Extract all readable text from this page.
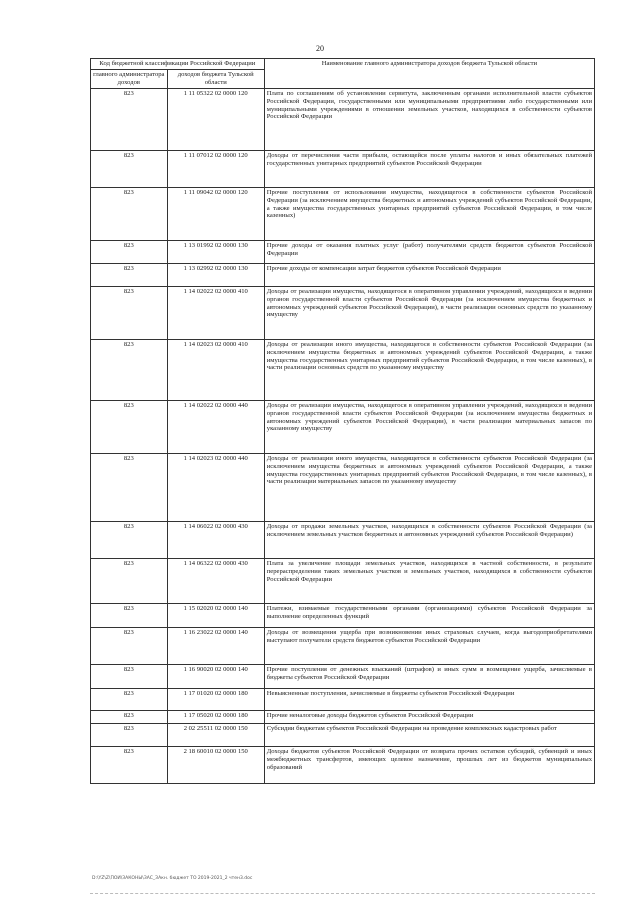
20
Код бюджетной классификации Российской Федерации		Наименование главного администратора доходов бюджета Тульской области
главного администратора доходов	доходов бюджета Тульской области	
823	1 11 05322 02 0000 120	Плата по соглашениям об установлении сервитута, заключенным органами исполнительной власти субъектов Российской Федерации, государственными или муниципальными предприятиями либо государственными или муниципальными учреждениями в отношении земельных участков, находящихся в собственности субъектов Российской Федерации
823	1 11 07012 02 0000 120	Доходы от перечисления части прибыли, остающейся после уплаты налогов и иных обязательных платежей государственных унитарных предприятий субъектов Российской Федерации
823	1 11 09042 02 0000 120	Прочие поступления от использования имущества, находящегося в собственности субъектов Российской Федерации (за исключением имущества бюджетных и автономных учреждений субъектов Российской Федерации, а также имущества государственных унитарных предприятий субъектов Российской Федерации, в том числе казенных)
823	1 13 01992 02 0000 130	Прочие доходы от оказания платных услуг (работ) получателями средств бюджетов субъектов Российской Федерации
823	1 13 02992 02 0000 130	Прочие доходы от компенсации затрат бюджетов субъектов Российской Федерации
823	1 14 02022 02 0000 410	Доходы от реализации имущества, находящегося в оперативном управлении учреждений, находящихся в ведении органов государственной власти субъектов Российской Федерации (за исключением имущества бюджетных и автономных учреждений субъектов Российской Федерации), в части реализации основных средств по указанному имуществу
823	1 14 02023 02 0000 410	Доходы от реализации иного имущества, находящегося в собственности субъектов Российской Федерации (за исключением имущества бюджетных и автономных учреждений субъектов Российской Федерации, а также имущества государственных унитарных предприятий субъектов Российской Федерации, в том числе казенных), в части реализации основных средств по указанному имуществу
823	1 14 02022 02 0000 440	Доходы от реализации имущества, находящегося в оперативном управлении учреждений, находящихся в ведении органов государственной власти субъектов Российской Федерации (за исключением имущества бюджетных и автономных учреждений субъектов Российской Федерации), в части реализации материальных запасов по указанному имуществу
823	1 14 02023 02 0000 440	Доходы от реализации иного имущества, находящегося в собственности субъектов Российской Федерации (за исключением имущества бюджетных и автономных учреждений субъектов Российской Федерации, а также имущества государственных унитарных предприятий субъектов Российской Федерации, в том числе казенных), в части реализации материальных запасов по указанному имуществу
823	1 14 06022 02 0000 430	Доходы от продажи земельных участков, находящихся в собственности субъектов Российской Федерации (за исключением земельных участков бюджетных и автономных учреждений субъектов Российской Федерации)
823	1 14 06322 02 0000 430	Плата за увеличение площади земельных участков, находящихся в частной собственности, в результате перераспределения таких земельных участков и земельных участков, находящихся в собственности субъектов Российской Федерации
823	1 15 02020 02 0000 140	Платежи, взимаемые государственными органами (организациями) субъектов Российской Федерации за выполнение определенных функций
823	1 16 23022 02 0000 140	Доходы от возмещения ущерба при возникновении иных страховых случаев, когда выгодоприобретателями выступают получатели средств бюджетов субъектов Российской Федерации
823	1 16 90020 02 0000 140	Прочие поступления от денежных взысканий (штрафов) и иных сумм в возмещение ущерба, зачисляемые в бюджеты субъектов Российской Федерации
823	1 17 01020 02 0000 180	Невыясненные поступления, зачисляемые в бюджеты субъектов Российской Федерации
823	1 17 05020 02 0000 180	Прочие неналоговые доходы бюджетов субъектов Российской Федерации
823	2 02 25511 02 0000 150	Субсидии бюджетам субъектов Российской Федерации на проведение комплексных кадастровых работ
823	2 18 60010 02 0000 150	Доходы бюджетов субъектов Российской Федерации от возврата прочих остатков субсидий, субвенций и иных межбюджетных трансфертов, имеющих целевое назначение, прошлых лет из бюджетов муниципальных образований
D:\YZ\Z\ПОИ\ЗАКОНЫ\ЗАС_ЗАкн. бюджет ТО 2019-2021_2 чтен3.doc
